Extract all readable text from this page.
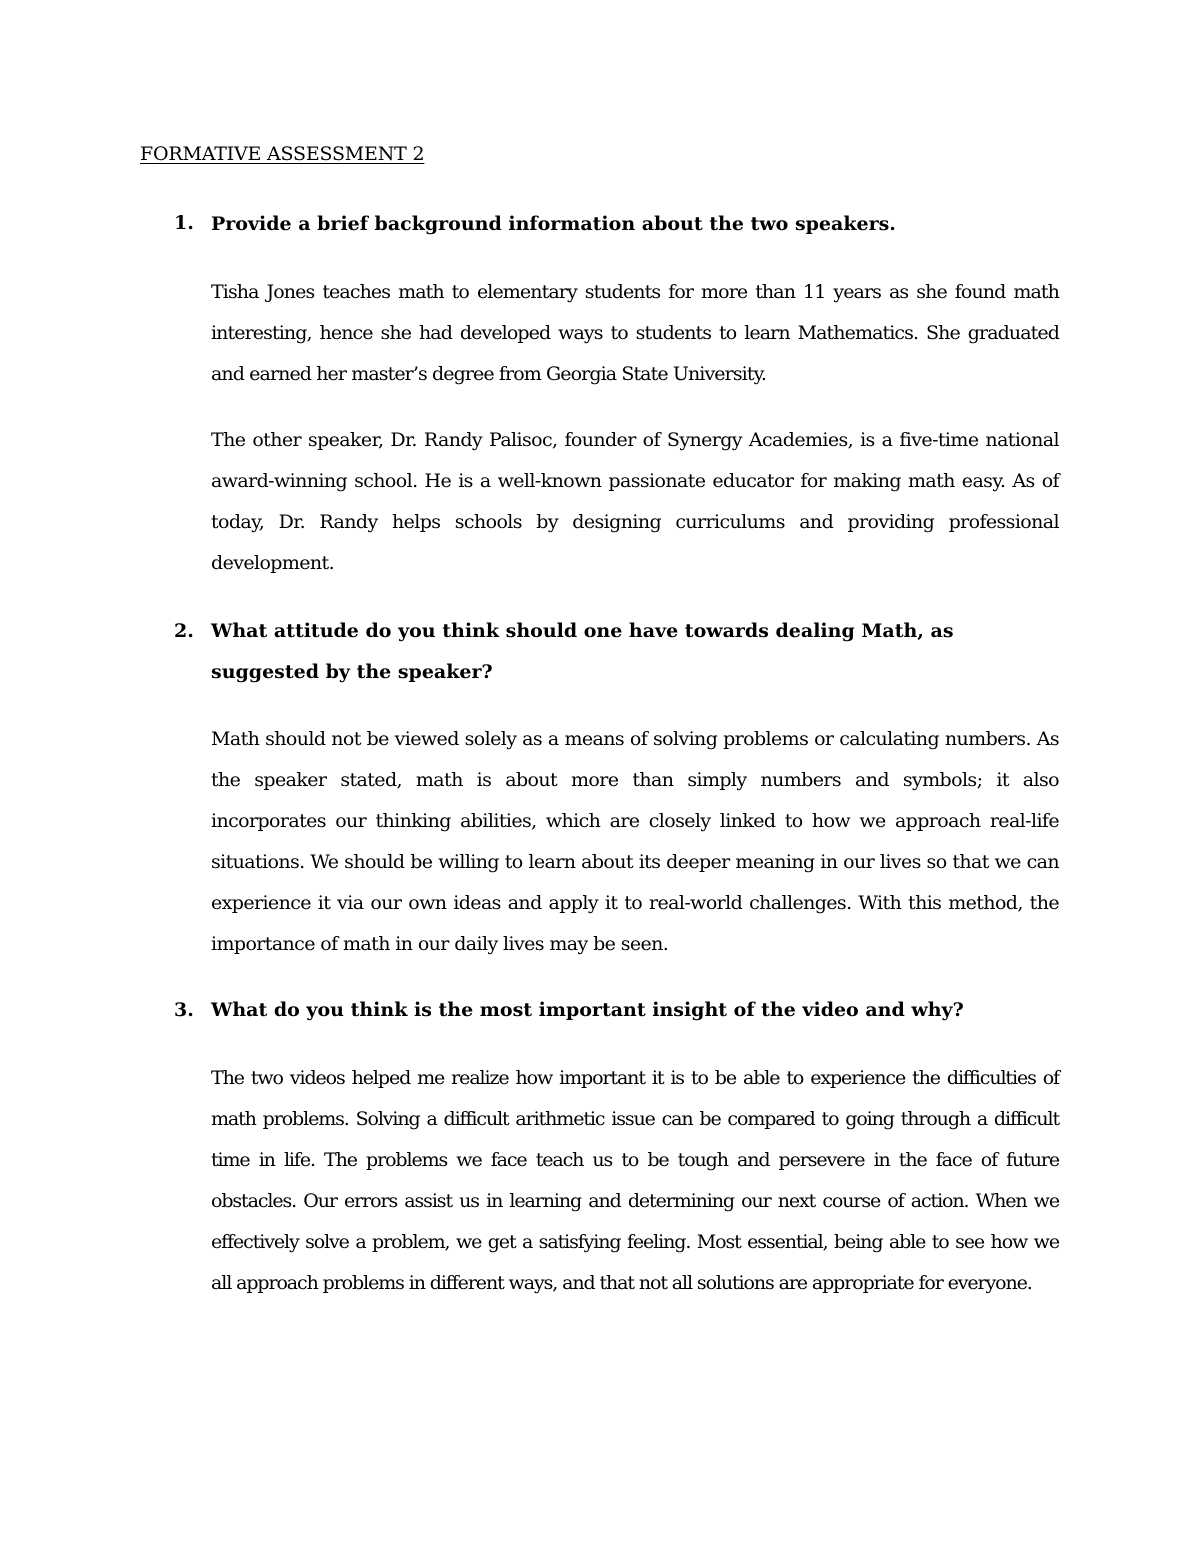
FORMATIVE ASSESSMENT 2
1. Provide a brief background information about the two speakers.

Tisha Jones teaches math to elementary students for more than 11 years as she found math interesting, hence she had developed ways to students to learn Mathematics. She graduated and earned her master’s degree from Georgia State University.

The other speaker, Dr. Randy Palisoc, founder of Synergy Academies, is a five-time national award-winning school. He is a well-known passionate educator for making math easy. As of today, Dr. Randy helps schools by designing curriculums and providing professional development.

2. What attitude do you think should one have towards dealing Math, as suggested by the speaker?

Math should not be viewed solely as a means of solving problems or calculating numbers. As the speaker stated, math is about more than simply numbers and symbols; it also incorporates our thinking abilities, which are closely linked to how we approach real-life situations. We should be willing to learn about its deeper meaning in our lives so that we can experience it via our own ideas and apply it to real-world challenges. With this method, the importance of math in our daily lives may be seen.

3. What do you think is the most important insight of the video and why?

The two videos helped me realize how important it is to be able to experience the difficulties of math problems. Solving a difficult arithmetic issue can be compared to going through a difficult time in life. The problems we face teach us to be tough and persevere in the face of future obstacles. Our errors assist us in learning and determining our next course of action. When we effectively solve a problem, we get a satisfying feeling. Most essential, being able to see how we all approach problems in different ways, and that not all solutions are appropriate for everyone.
